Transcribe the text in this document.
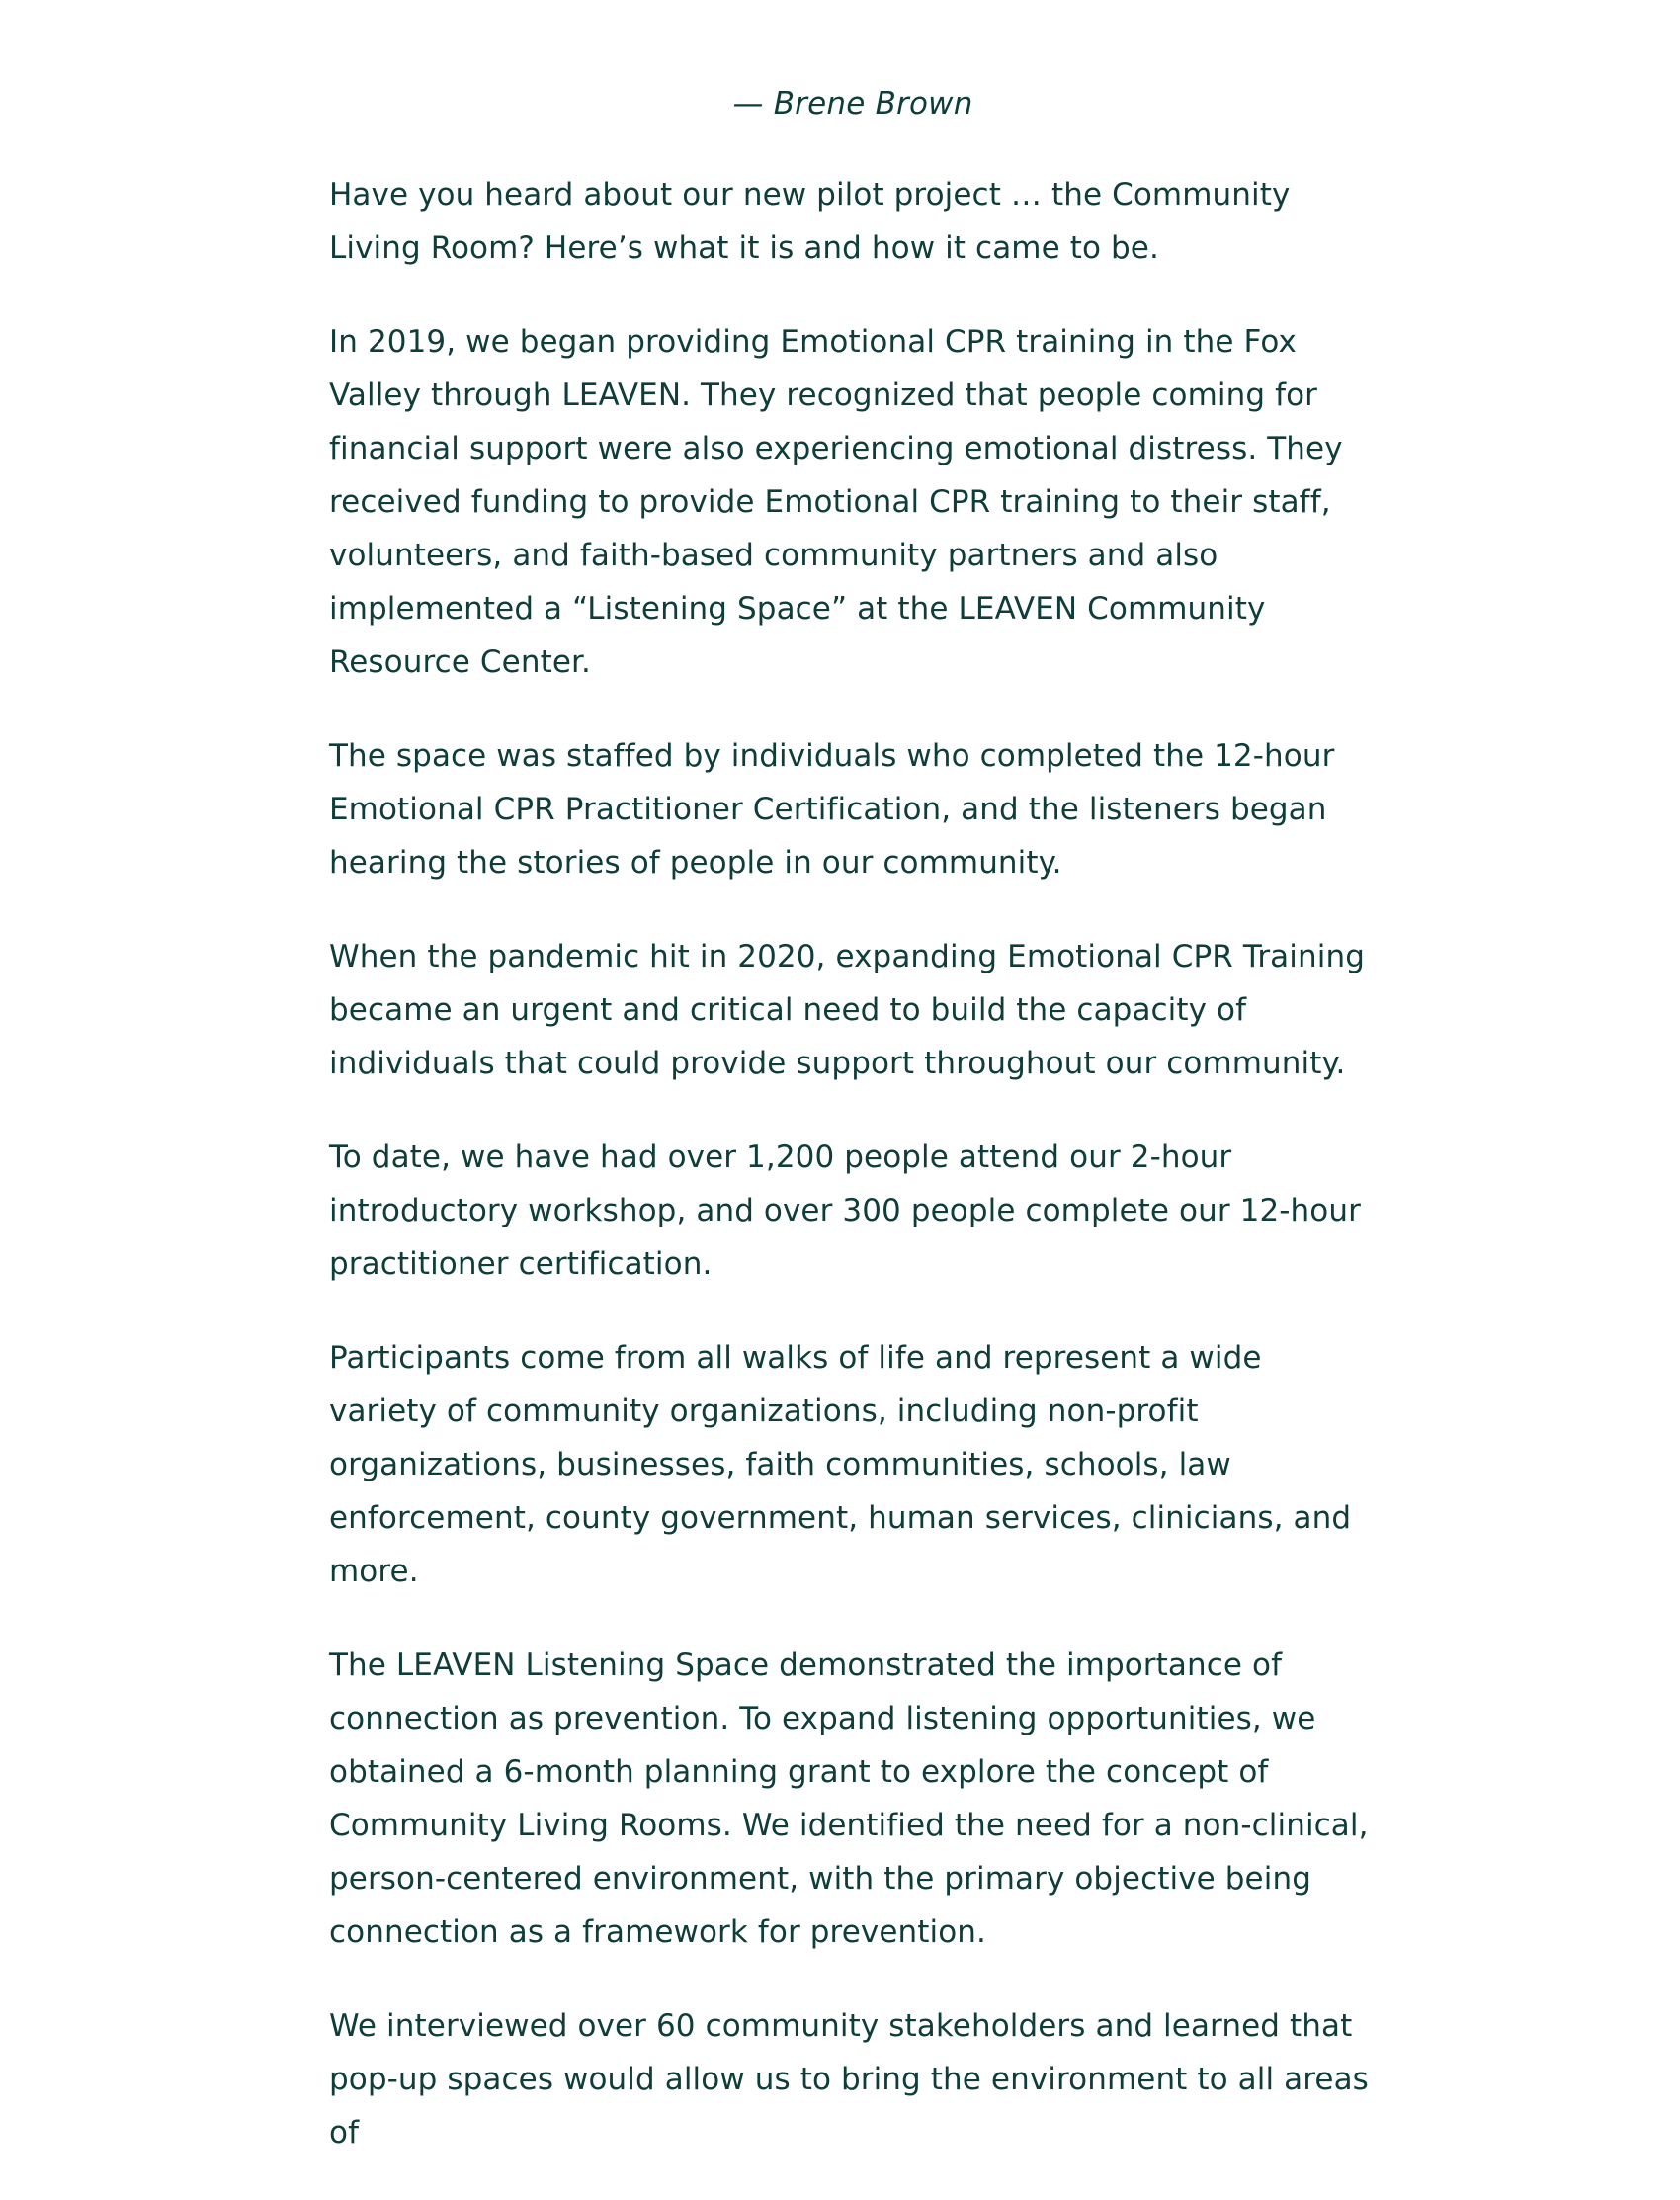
— Brene Brown

Have you heard about our new pilot project … the Community Living Room? Here’s what it is and how it came to be.

In 2019, we began providing Emotional CPR training in the Fox Valley through LEAVEN. They recognized that people coming for financial support were also experiencing emotional distress. They received funding to provide Emotional CPR training to their staff, volunteers, and faith-based community partners and also implemented a “Listening Space” at the LEAVEN Community Resource Center.

The space was staffed by individuals who completed the 12-hour Emotional CPR Practitioner Certification, and the listeners began hearing the stories of people in our community.

When the pandemic hit in 2020, expanding Emotional CPR Training became an urgent and critical need to build the capacity of individuals that could provide support throughout our community.

To date, we have had over 1,200 people attend our 2-hour introductory workshop, and over 300 people complete our 12-hour practitioner certification.

Participants come from all walks of life and represent a wide variety of community organizations, including non-profit organizations, businesses, faith communities, schools, law enforcement, county government, human services, clinicians, and more.

The LEAVEN Listening Space demonstrated the importance of connection as prevention. To expand listening opportunities, we obtained a 6-month planning grant to explore the concept of Community Living Rooms. We identified the need for a non-clinical, person-centered environment, with the primary objective being connection as a framework for prevention.

We interviewed over 60 community stakeholders and learned that pop-up spaces would allow us to bring the environment to all areas of
